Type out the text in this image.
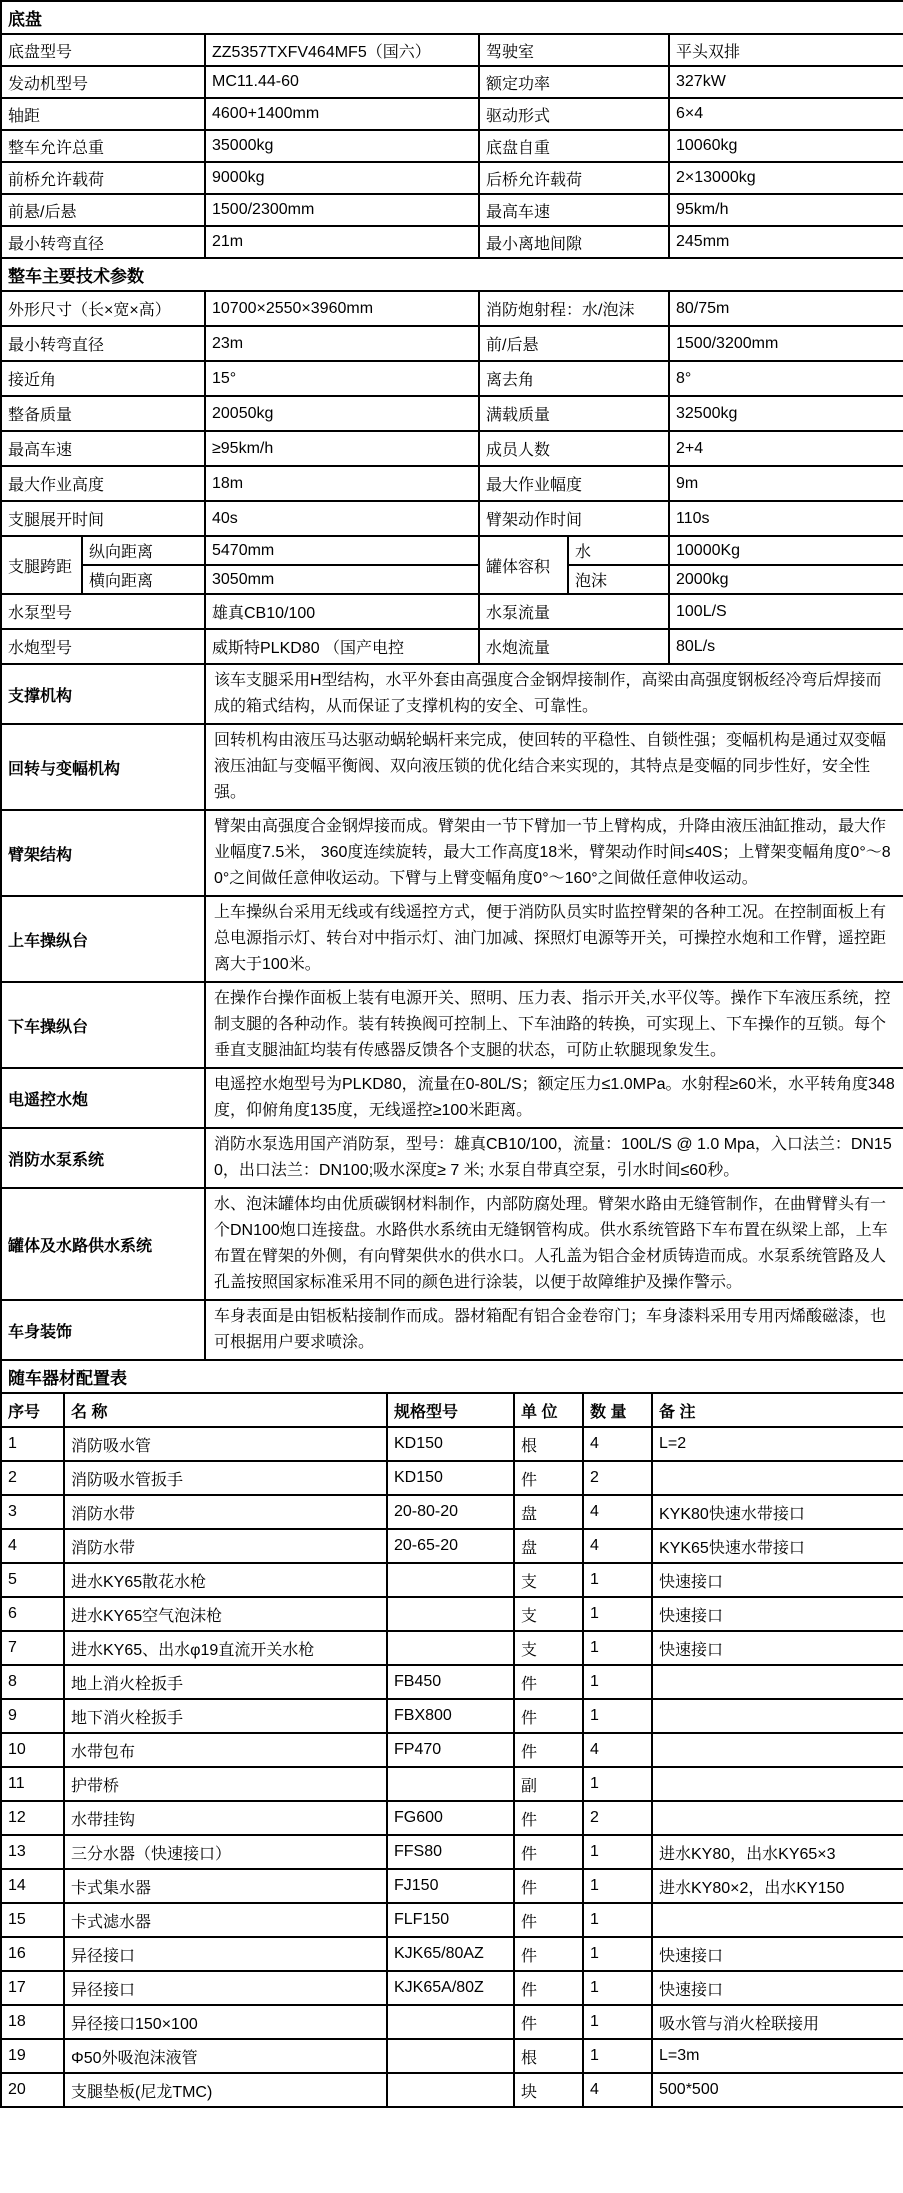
底盘			
底盘型号	ZZ5357TXFV464MF5（国六）	驾驶室	平头双排
发动机型号	MC11.44-60	额定功率	327kW
轴距	4600+1400mm	驱动形式	6×4
整车允许总重	35000kg	底盘自重	10060kg
前桥允许载荷	9000kg	后桥允许载荷	2×13000kg
前悬/后悬	1500/2300mm	最高车速	95km/h
最小转弯直径	21m	最小离地间隙	245mm
整车主要技术参数					
外形尺寸（长×宽×高）		10700×2550×3960mm	消防炮射程：水/泡沫		80/75m
最小转弯直径		23m	前/后悬		1500/3200mm
接近角		15°	离去角		8°
整备质量		20050kg	满载质量		32500kg
最高车速		≥95km/h	成员人数		2+4
最大作业高度		18m	最大作业幅度		9m
支腿展开时间		40s	臂架动作时间		110s
支腿跨距	纵向距离	5470mm	罐体容积	水	10000Kg
	横向距离	3050mm		泡沫	2000kg
水泵型号		雄真CB10/100	水泵流量		100L/S
水炮型号		威斯特PLKD80 （国产电控	水炮流量		80L/s
支撑机构		该车支腿采用H型结构，水平外套由高强度合金钢焊接制作，高梁由高强度钢板经冷弯后焊接而成的箱式结构，从而保证了支撑机构的安全、可靠性。			
回转与变幅机构		回转机构由液压马达驱动蜗轮蜗杆来完成，使回转的平稳性、自锁性强；变幅机构是通过双变幅液压油缸与变幅平衡阀、双向液压锁的优化结合来实现的，其特点是变幅的同步性好，安全性强。			
臂架结构		臂架由高强度合金钢焊接而成。臂架由一节下臂加一节上臂构成，升降由液压油缸推动，最大作业幅度7.5米， 360度连续旋转，最大工作高度18米，臂架动作时间≤40S；上臂架变幅角度0°～80°之间做任意伸收运动。下臂与上臂变幅角度0°～160°之间做任意伸收运动。			
上车操纵台		上车操纵台采用无线或有线遥控方式，便于消防队员实时监控臂架的各种工况。在控制面板上有总电源指示灯、转台对中指示灯、油门加减、探照灯电源等开关，可操控水炮和工作臂，遥控距离大于100米。			
下车操纵台		在操作台操作面板上装有电源开关、照明、压力表、指示开关,水平仪等。操作下车液压系统，控制支腿的各种动作。装有转换阀可控制上、下车油路的转换，可实现上、下车操作的互锁。每个垂直支腿油缸均装有传感器反馈各个支腿的状态，可防止软腿现象发生。			
电遥控水炮		电遥控水炮型号为PLKD80，流量在0-80L/S；额定压力≤1.0MPa。水射程≥60米，水平转角度348度，仰俯角度135度，无线遥控≥100米距离。			
消防水泵系统		消防水泵选用国产消防泵，型号：雄真CB10/100，流量：100L/S @ 1.0 Mpa，入口法兰：DN150，出口法兰：DN100;吸水深度≥ 7 米; 水泵自带真空泵，引水时间≤60秒。			
罐体及水路供水系统		水、泡沫罐体均由优质碳钢材料制作，内部防腐处理。臂架水路由无缝管制作，在曲臂臂头有一个DN100炮口连接盘。水路供水系统由无缝钢管构成。供水系统管路下车布置在纵梁上部，上车布置在臂架的外侧，有向臂架供水的供水口。人孔盖为铝合金材质铸造而成。水泵系统管路及人孔盖按照国家标准采用不同的颜色进行涂装，以便于故障维护及操作警示。			
车身装饰		车身表面是由铝板粘接制作而成。器材箱配有铝合金卷帘门；车身漆料采用专用丙烯酸磁漆，也可根据用户要求喷涂。			
随车器材配置表					
序号	名 称	规格型号	单 位	数 量	备 注
1	消防吸水管	KD150	根	4	L=2
2	消防吸水管扳手	KD150	件	2	
3	消防水带	20-80-20	盘	4	KYK80快速水带接口
4	消防水带	20-65-20	盘	4	KYK65快速水带接口
5	进水KY65散花水枪		支	1	快速接口
6	进水KY65空气泡沫枪		支	1	快速接口
7	进水KY65、出水φ19直流开关水枪		支	1	快速接口
8	地上消火栓扳手	FB450	件	1	
9	地下消火栓扳手	FBX800	件	1	
10	水带包布	FP470	件	4	
11	护带桥		副	1	
12	水带挂钩	FG600	件	2	
13	三分水器（快速接口）	FFS80	件	1	进水KY80，出水KY65×3
14	卡式集水器	FJ150	件	1	进水KY80×2，出水KY150
15	卡式滤水器	FLF150	件	1	
16	异径接口	KJK65/80AZ	件	1	快速接口
17	异径接口	KJK65A/80Z	件	1	快速接口
18	异径接口150×100		件	1	吸水管与消火栓联接用
19	Φ50外吸泡沫液管		根	1	L=3m
20	支腿垫板(尼龙TMC)		块	4	500*500
